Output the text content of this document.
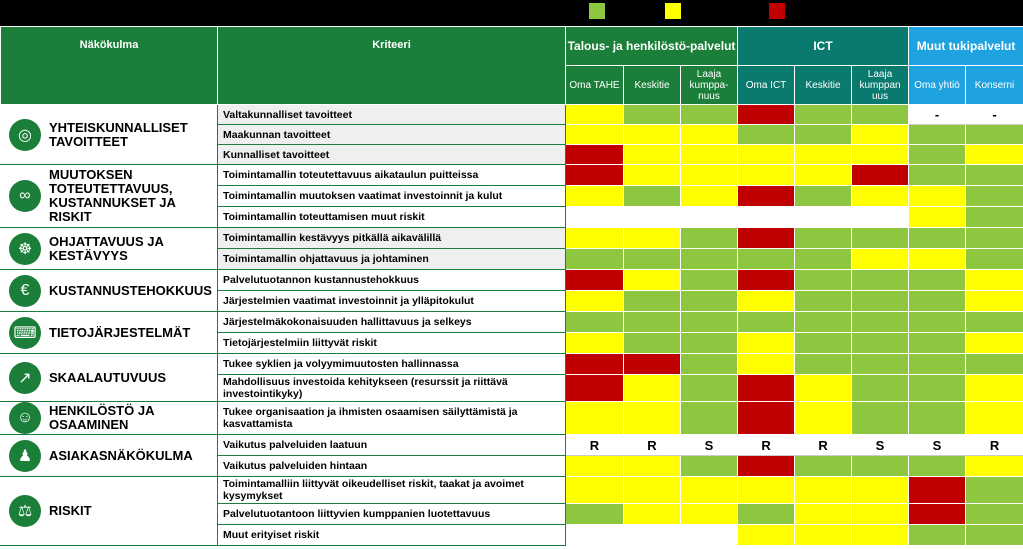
Näkökulma	Kriteeri	Talous- ja henkilöstö-palvelut			ICT			Muut tukipalvelut	
		Oma TAHE	Keskitie	Laaja kumppa-nuus	Oma ICT	Keskitie	Laaja kumppan uus	Oma yhtiö	Konserni

◎ YHTEISKUNNALLISET TAVOITTEET	Valtakunnalliset tavoitteet							-	-
	Maakunnan tavoitteet								
	Kunnalliset tavoitteet								

∞
MUUTOKSEN TOTEUTETTAVUUS, KUSTANNUKSET JA RISKIT	Toimintamallin toteutettavuus aikataulun puitteissa								
	Toimintamallin muutoksen vaatimat investoinnit ja kulut								
	Toimintamallin toteuttamisen muut riskit								

☸ OHJATTAVUUS JA KESTÄVYYS	Toimintamallin kestävyys pitkällä aikavälillä								
	Toimintamallin ohjattavuus ja johtaminen								

€ KUSTANNUSTEHOKKUUS	Palvelutuotannon kustannustehokkuus								
	Järjestelmien vaatimat investoinnit ja ylläpitokulut								

⌨ TIETOJÄRJESTELMÄT	Järjestelmäkokonaisuuden hallittavuus ja selkeys								
	Tietojärjestelmiin liittyvät riskit								

↗ SKAALAUTUVUUS	Tukee syklien ja volyymimuutosten hallinnassa								
	Mahdollisuus investoida kehitykseen (resurssit ja riittävä investointikyky)								

☺ HENKILÖSTÖ JA OSAAMINEN	Tukee organisaation ja ihmisten osaamisen säilyttämistä ja kasvattamista								

♟ ASIAKASNÄKÖKULMA	Vaikutus palveluiden laatuun	R	R	S	R	R	S	S	R
	Vaikutus palveluiden hintaan								

⚖ RISKIT	Toimintamalliin liittyvät oikeudelliset riskit, taakat ja avoimet kysymykset								
	Palvelutuotantoon liittyvien kumppanien luotettavuus								
	Muut erityiset riskit								
